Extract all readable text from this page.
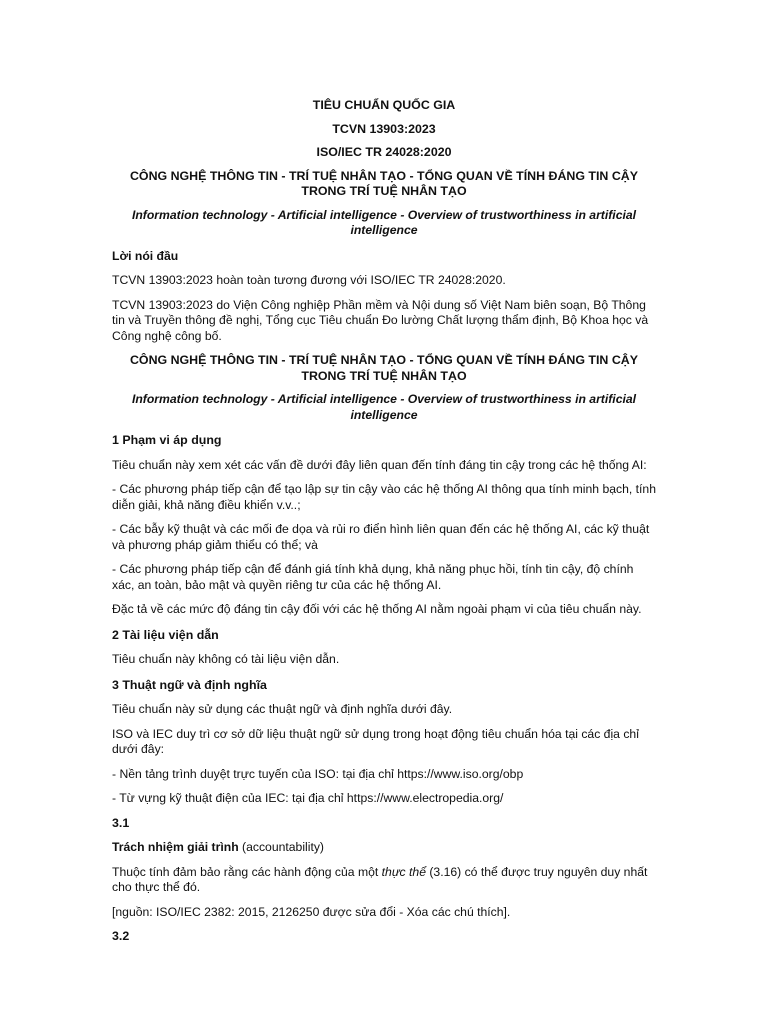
TIÊU CHUẨN QUỐC GIA

TCVN 13903:2023

ISO/IEC TR 24028:2020

CÔNG NGHỆ THÔNG TIN - TRÍ TUỆ NHÂN TẠO - TỔNG QUAN VỀ TÍNH ĐÁNG TIN CẬY TRONG TRÍ TUỆ NHÂN TẠO

Information technology - Artificial intelligence - Overview of trustworthiness in artificial intelligence

Lời nói đầu

TCVN 13903:2023 hoàn toàn tương đương với ISO/IEC TR 24028:2020.

TCVN 13903:2023 do Viện Công nghiệp Phần mềm và Nội dung số Việt Nam biên soạn, Bộ Thông tin và Truyền thông đề nghị, Tổng cục Tiêu chuẩn Đo lường Chất lượng thẩm định, Bộ Khoa học và Công nghệ công bố.

CÔNG NGHỆ THÔNG TIN - TRÍ TUỆ NHÂN TẠO - TỔNG QUAN VỀ TÍNH ĐÁNG TIN CẬY TRONG TRÍ TUỆ NHÂN TẠO

Information technology - Artificial intelligence - Overview of trustworthiness in artificial intelligence

1 Phạm vi áp dụng

Tiêu chuẩn này xem xét các vấn đề dưới đây liên quan đến tính đáng tin cậy trong các hệ thống AI:

- Các phương pháp tiếp cận để tạo lập sự tin cậy vào các hệ thống AI thông qua tính minh bạch, tính diễn giải, khả năng điều khiển v.v..;

- Các bẫy kỹ thuật và các mối đe dọa và rủi ro điển hình liên quan đến các hệ thống AI, các kỹ thuật và phương pháp giảm thiểu có thể; và

- Các phương pháp tiếp cận để đánh giá tính khả dụng, khả năng phục hồi, tính tin cậy, độ chính xác, an toàn, bảo mật và quyền riêng tư của các hệ thống AI.

Đặc tả về các mức độ đáng tin cậy đối với các hệ thống AI nằm ngoài phạm vi của tiêu chuẩn này.

2 Tài liệu viện dẫn

Tiêu chuẩn này không có tài liệu viện dẫn.

3 Thuật ngữ và định nghĩa

Tiêu chuẩn này sử dụng các thuật ngữ và định nghĩa dưới đây.

ISO và IEC duy trì cơ sở dữ liệu thuật ngữ sử dụng trong hoạt động tiêu chuẩn hóa tại các địa chỉ dưới đây:

- Nền tảng trình duyệt trực tuyến của ISO: tại địa chỉ https://www.iso.org/obp

- Từ vựng kỹ thuật điện của IEC: tại địa chỉ https://www.electropedia.org/

3.1

Trách nhiệm giải trình (accountability)

Thuộc tính đảm bảo rằng các hành động của một thực thể (3.16) có thể được truy nguyên duy nhất cho thực thể đó.

[nguồn: ISO/IEC 2382: 2015, 2126250 được sửa đổi - Xóa các chú thích].

3.2
